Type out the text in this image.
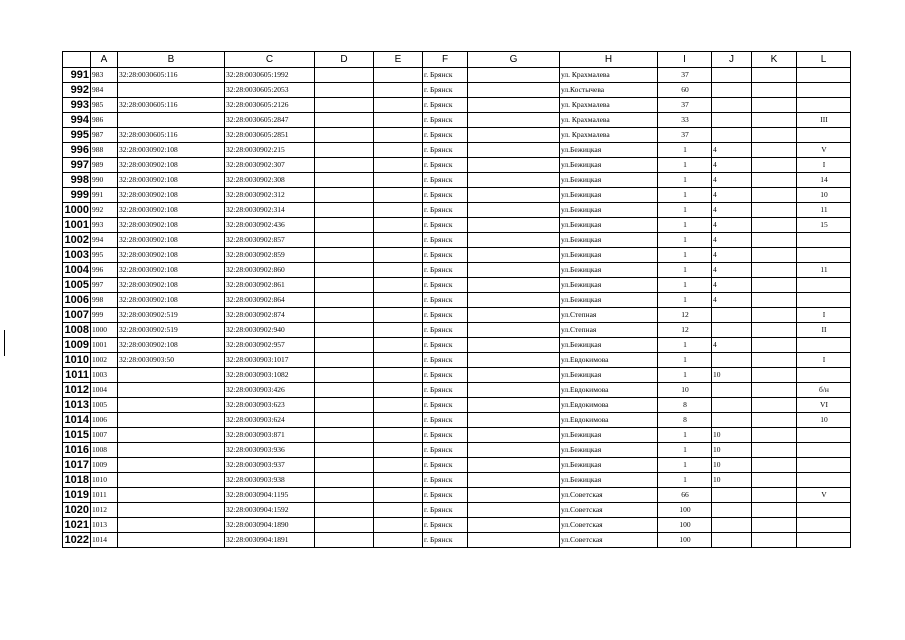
	A	B	C	D	E	F	G	H	I	J	K	L
991	983	32:28:0030605:116	32:28:0030605:1992			г. Брянск		ул. Крахмалева	37			
992	984		32:28:0030605:2053			г. Брянск		ул.Костычева	60			
993	985	32:28:0030605:116	32:28:0030605:2126			г. Брянск		ул. Крахмалева	37			
994	986		32:28:0030605:2847			г. Брянск		ул. Крахмалева	33			III
995	987	32:28:0030605:116	32:28:0030605:2851			г. Брянск		ул. Крахмалева	37			
996	988	32:28:0030902:108	32:28:0030902:215			г. Брянск		ул.Бежицкая	1	4		V
997	989	32:28:0030902:108	32:28:0030902:307			г. Брянск		ул.Бежицкая	1	4		I
998	990	32:28:0030902:108	32:28:0030902:308			г. Брянск		ул.Бежицкая	1	4		14
999	991	32:28:0030902:108	32:28:0030902:312			г. Брянск		ул.Бежицкая	1	4		10
1000	992	32:28:0030902:108	32:28:0030902:314			г. Брянск		ул.Бежицкая	1	4		11
1001	993	32:28:0030902:108	32:28:0030902:436			г. Брянск		ул.Бежицкая	1	4		15
1002	994	32:28:0030902:108	32:28:0030902:857			г. Брянск		ул.Бежицкая	1	4		
1003	995	32:28:0030902:108	32:28:0030902:859			г. Брянск		ул.Бежицкая	1	4		
1004	996	32:28:0030902:108	32:28:0030902:860			г. Брянск		ул.Бежицкая	1	4		11
1005	997	32:28:0030902:108	32:28:0030902:861			г. Брянск		ул.Бежицкая	1	4		
1006	998	32:28:0030902:108	32:28:0030902:864			г. Брянск		ул.Бежицкая	1	4		
1007	999	32:28:0030902:519	32:28:0030902:874			г. Брянск		ул.Степная	12			I
1008	1000	32:28:0030902:519	32:28:0030902:940			г. Брянск		ул.Степная	12			II
1009	1001	32:28:0030902:108	32:28:0030902:957			г. Брянск		ул.Бежицкая	1	4		
1010	1002	32:28:0030903:50	32:28:0030903:1017			г. Брянск		ул.Евдокимова	1			I
1011	1003		32:28:0030903:1082			г. Брянск		ул.Бежицкая	1	10		
1012	1004		32:28:0030903:426			г. Брянск		ул.Евдокимова	10			б/н
1013	1005		32:28:0030903:623			г. Брянск		ул.Евдокимова	8			VI
1014	1006		32:28:0030903:624			г. Брянск		ул.Евдокимова	8			10
1015	1007		32:28:0030903:871			г. Брянск		ул.Бежицкая	1	10		
1016	1008		32:28:0030903:936			г. Брянск		ул.Бежицкая	1	10		
1017	1009		32:28:0030903:937			г. Брянск		ул.Бежицкая	1	10		
1018	1010		32:28:0030903:938			г. Брянск		ул.Бежицкая	1	10		
1019	1011		32:28:0030904:1195			г. Брянск		ул.Советская	66			V
1020	1012		32:28:0030904:1592			г. Брянск		ул.Советская	100			
1021	1013		32:28:0030904:1890			г. Брянск		ул.Советская	100			
1022	1014		32:28:0030904:1891			г. Брянск		ул.Советская	100			
